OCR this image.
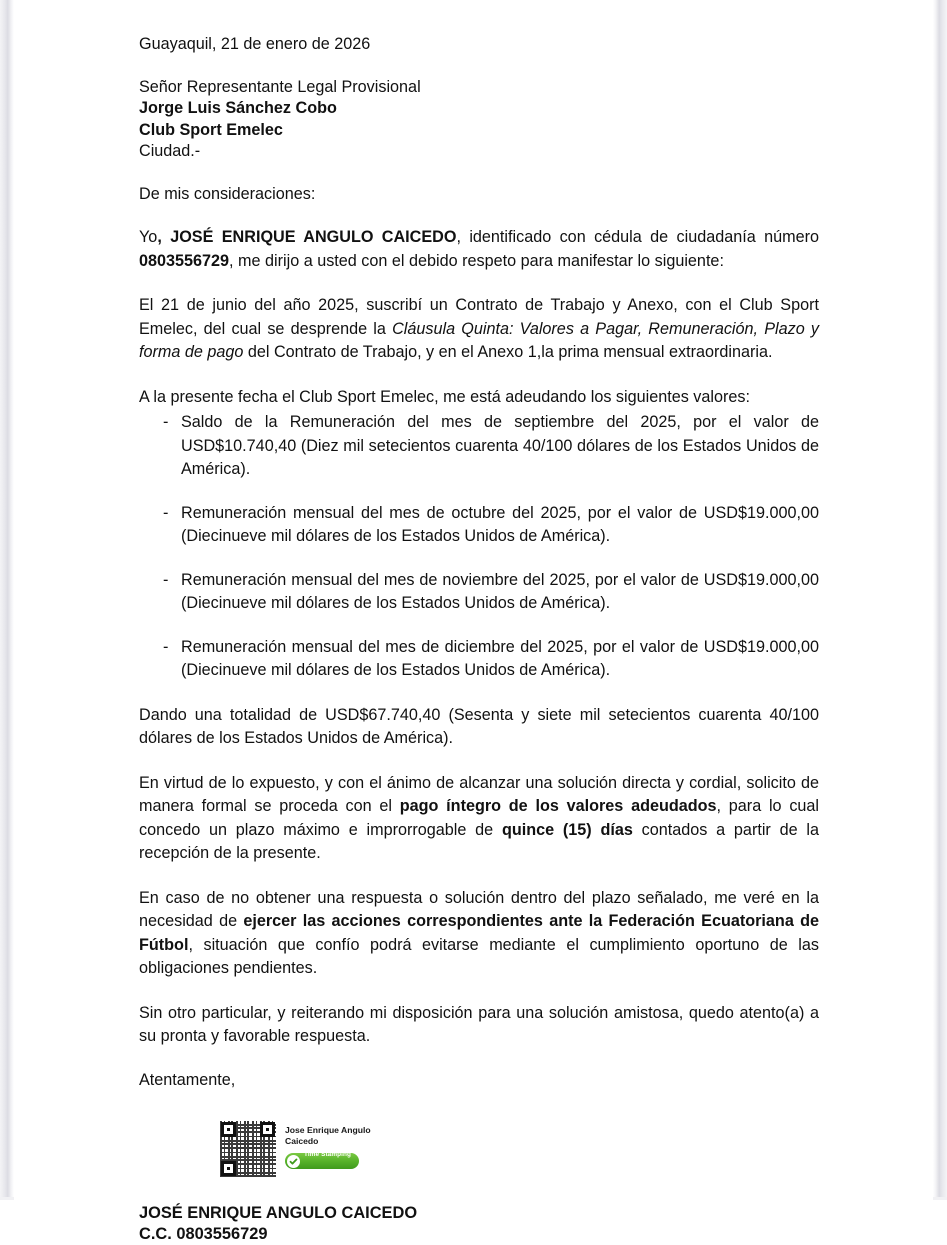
Guayaquil, 21 de enero de 2026
Señor Representante Legal Provisional
Jorge Luis Sánchez Cobo
Club Sport Emelec
Ciudad.-
De mis consideraciones:

Yo, JOSÉ ENRIQUE ANGULO CAICEDO, identificado con cédula de ciudadanía número 0803556729, me dirijo a usted con el debido respeto para manifestar lo siguiente:

El 21 de junio del año 2025, suscribí un Contrato de Trabajo y Anexo, con el Club Sport Emelec, del cual se desprende la Cláusula Quinta: Valores a Pagar, Remuneración, Plazo y forma de pago del Contrato de Trabajo, y en el Anexo 1,la prima mensual extraordinaria.

A la presente fecha el Club Sport Emelec, me está adeudando los siguientes valores:

- Saldo de la Remuneración del mes de septiembre del 2025, por el valor de USD$10.740,40 (Diez mil setecientos cuarenta 40/100 dólares de los Estados Unidos de América).
- Remuneración mensual del mes de octubre del 2025, por el valor de USD$19.000,00 (Diecinueve mil dólares de los Estados Unidos de América).
- Remuneración mensual del mes de noviembre del 2025, por el valor de USD$19.000,00 (Diecinueve mil dólares de los Estados Unidos de América).
- Remuneración mensual del mes de diciembre del 2025, por el valor de USD$19.000,00 (Diecinueve mil dólares de los Estados Unidos de América).

Dando una totalidad de USD$67.740,40 (Sesenta y siete mil setecientos cuarenta 40/100 dólares de los Estados Unidos de América).

En virtud de lo expuesto, y con el ánimo de alcanzar una solución directa y cordial, solicito de manera formal se proceda con el pago íntegro de los valores adeudados, para lo cual concedo un plazo máximo e improrrogable de quince (15) días contados a partir de la recepción de la presente.

En caso de no obtener una respuesta o solución dentro del plazo señalado, me veré en la necesidad de ejercer las acciones correspondientes ante la Federación Ecuatoriana de Fútbol, situación que confío podrá evitarse mediante el cumplimiento oportuno de las obligaciones pendientes.

Sin otro particular, y reiterando mi disposición para una solución amistosa, quedo atento(a) a su pronta y favorable respuesta.

Atentamente,
Jose Enrique Angulo Caicedo
Time Stamping
Security Data
JOSÉ ENRIQUE ANGULO CAICEDO
C.C. 0803556729
